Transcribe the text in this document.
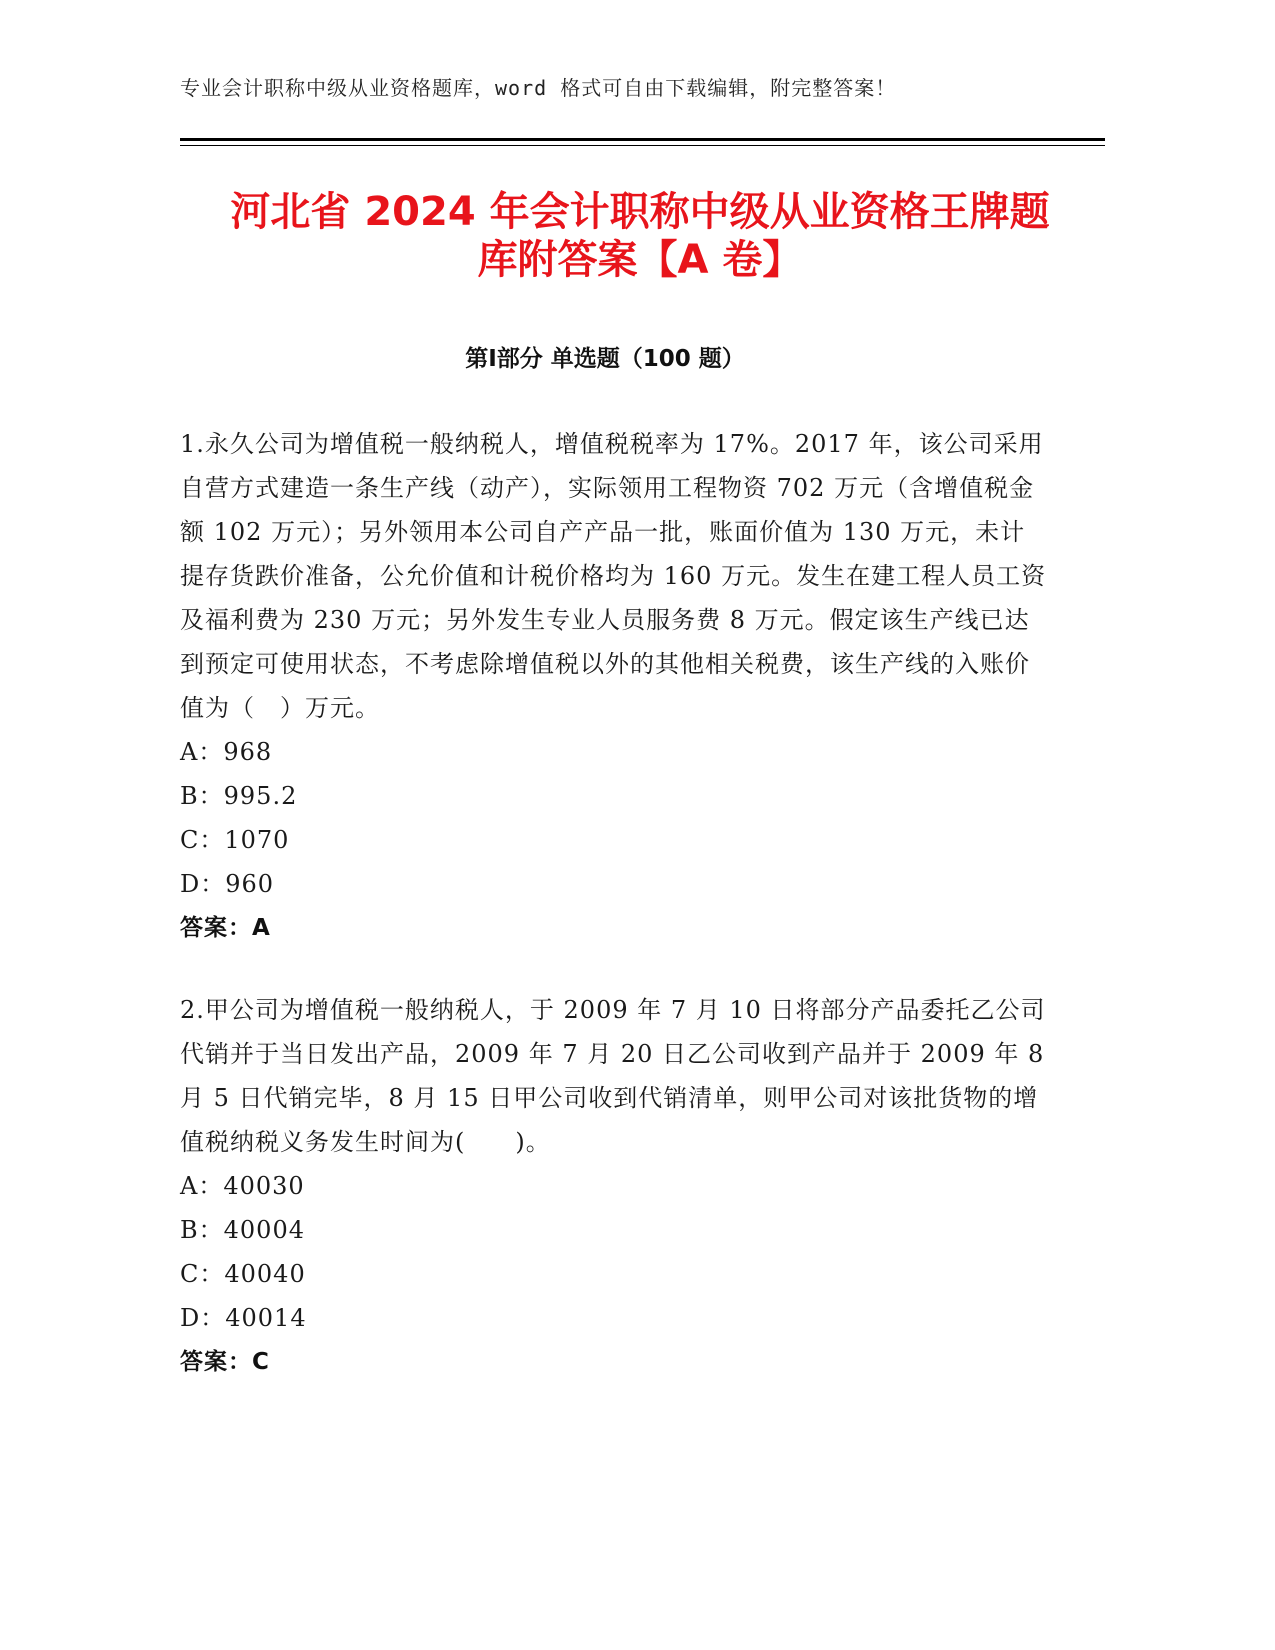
专业会计职称中级从业资格题库，word 格式可自由下载编辑，附完整答案！
河北省 2024 年会计职称中级从业资格王牌题
库附答案【A 卷】
第Ⅰ部分 单选题（100 题）

1.永久公司为增值税一般纳税人，增值税税率为 17%。2017 年，该公司采用自营方式建造一条生产线（动产），实际领用工程物资 702 万元（含增值税金额 102 万元）；另外领用本公司自产产品一批，账面价值为 130 万元，未计提存货跌价准备，公允价值和计税价格均为 160 万元。发生在建工程人员工资及福利费为 230 万元；另外发生专业人员服务费 8 万元。假定该生产线已达到预定可使用状态，不考虑除增值税以外的其他相关税费，该生产线的入账价值为（　）万元。

A：968

B：995.2

C：1070

D：960

答案：A

2.甲公司为增值税一般纳税人，于 2009 年 7 月 10 日将部分产品委托乙公司代销并于当日发出产品，2009 年 7 月 20 日乙公司收到产品并于 2009 年 8 月 5 日代销完毕，8 月 15 日甲公司收到代销清单，则甲公司对该批货物的增值税纳税义务发生时间为(　　)。

A：40030

B：40004

C：40040

D：40014

答案：C
